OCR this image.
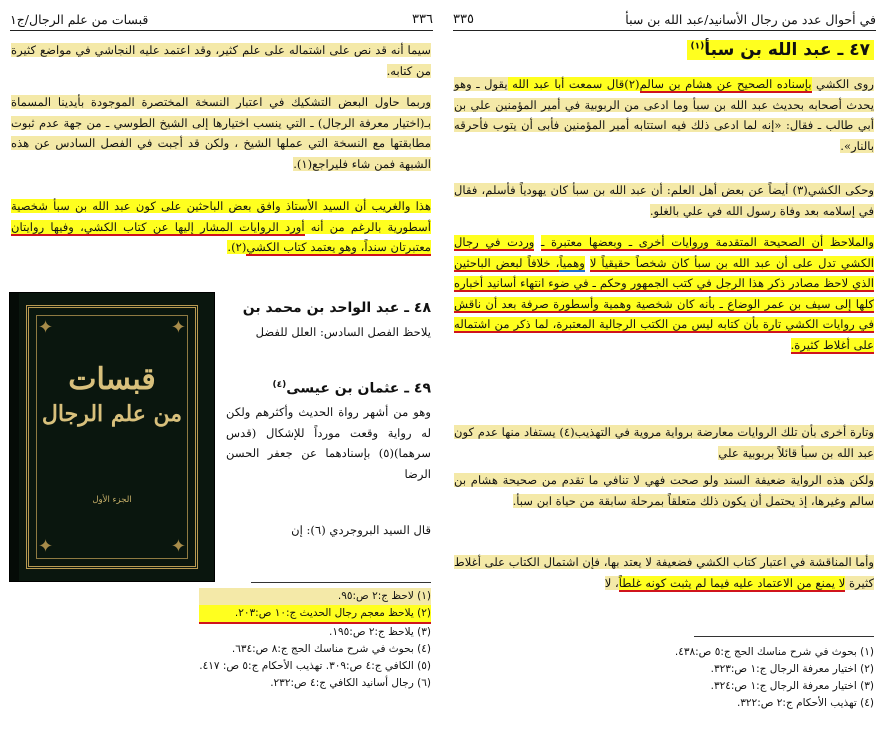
في أحوال عدد من رجال الأسانيد/عبد الله بن سبأ
٣٣٥
٤٧ ـ عبد الله بن سبأ$^{(١)}$
روى الكشي بإسناده الصحيح عن هشام بن سالم(٢)قال سمعت أبا عبد الله يقول ـ وهو يحدث أصحابه بحديث عبد الله بن سبأ وما ادعى من الربوبية في أمير المؤمنين علي بن أبي طالب ـ فقال: «إنه لما ادعى ذلك فيه استتابه أمير المؤمنين فأبى أن يتوب فأحرقه بالنار».
وحكى الكشي(٣) أيضاً عن بعض أهل العلم: أن عبد الله بن سبأ كان يهودياً فأسلم، فقال في إسلامه بعد وفاة رسول الله في علي بالغلو.
والملاحظ أن الصحيحة المتقدمة وروايات أخرى ـ وبعضها معتبرة ـ وردت في رجال الكشي تدل على أن عبد الله بن سبأ كان شخصاً حقيقياً لا وهمياً، خلافاً لبعض الباحثين الذي لاحظ مصادر ذكر هذا الرجل في كتب الجمهور وحكم ـ في ضوء انتهاء أسانيد أخباره كلها إلى سيف بن عمر الوضاع ـ بأنه كان شخصية وهمية وأسطورة صرفة بعد أن ناقش في روايات الكشي تارة بأن كتابه ليس من الكتب الرجالية المعتبرة، لما ذكر من اشتماله على أغلاط كثيرة.
وتارة أخرى بأن تلك الروايات معارضة برواية مروية في التهذيب(٤) يستفاد منها عدم كون عبد الله بن سبأ قائلاً بربوبية علي
ولكن هذه الرواية ضعيفة السند ولو صحت فهي لا تنافي ما تقدم من صحيحة هشام بن سالم وغيرها، إذ يحتمل أن يكون ذلك متعلقاً بمرحلة سابقة من حياة ابن سبأ.
وأما المناقشة في اعتبار كتاب الكشي فضعيفة لا يعتد بها، فإن اشتمال الكتاب على أغلاط كثيرة لا يمنع من الاعتماد عليه فيما لم يثبت كونه غلطاً، لا
(١) بحوث في شرح مناسك الحج ج:٥ ص:٤٣٨.
(٢) اختيار معرفة الرجال ج:١ ص:٣٢٣.
(٣) اختيار معرفة الرجال ج:١ ص:٣٢٤.
(٤) تهذيب الأحكام ج:٢ ص:٣٢٢.
٣٣٦
قبسات من علم الرجال/ج١
سيما أنه قد نص على اشتماله على علم كثير، وقد اعتمد عليه النجاشي في مواضع كثيرة من كتابه.
وربما حاول البعض التشكيك في اعتبار النسخة المختصرة الموجودة بأيدينا المسماة بـ(اختيار معرفة الرجال) ـ التي ينسب اختيارها إلى الشيخ الطوسي ـ من جهة عدم ثبوت مطابقتها مع النسخة التي عملها الشيخ ، ولكن قد أجبت في الفصل السادس عن هذه الشبهة فمن شاء فليراجع(١).
هذا والغريب أن السيد الأستاذ وافق بعض الباحثين على كون عبد الله بن سبأ شخصية أسطورية بالرغم من أنه أورد الروايات المشار إليها عن كتاب الكشي، وفيها روايتان معتبرتان سنداً، وهو يعتمد كتاب الكشي(٢).
٤٨ ـ عبد الواحد بن محمد بن
يلاحظ الفصل السادس: العلل للفضل
٤٩ ـ عثمان بن عيسى$^{(٤)}$
وهو من أشهر رواة الحديث وأكثرهم ولكن له رواية وقعت مورداً للإشكال (قدس سرهما)(٥) بإسنادهما عن جعفر الحسن الرضا
قال السيد البروجردي (٦): إن
(١) لاحظ ج:٢ ص:٩٥.
(٢) يلاحظ معجم رجال الحديث ج:١٠ ص:٢٠٣.
(٣) يلاحظ ج:٢ ص:١٩٥.
(٤) بحوث في شرح مناسك الحج ج:٨ ص:٦٣٤.
(٥) الكافي ج:٤ ص:٣٠٩. تهذيب الأحكام ج:٥ ص: ٤١٧.
(٦) رجال أسانيد الكافي ج:٤ ص:٢٣٢.
✦	✦
✦	✦
قبسات
من علم الرجال
الجزء الأول
